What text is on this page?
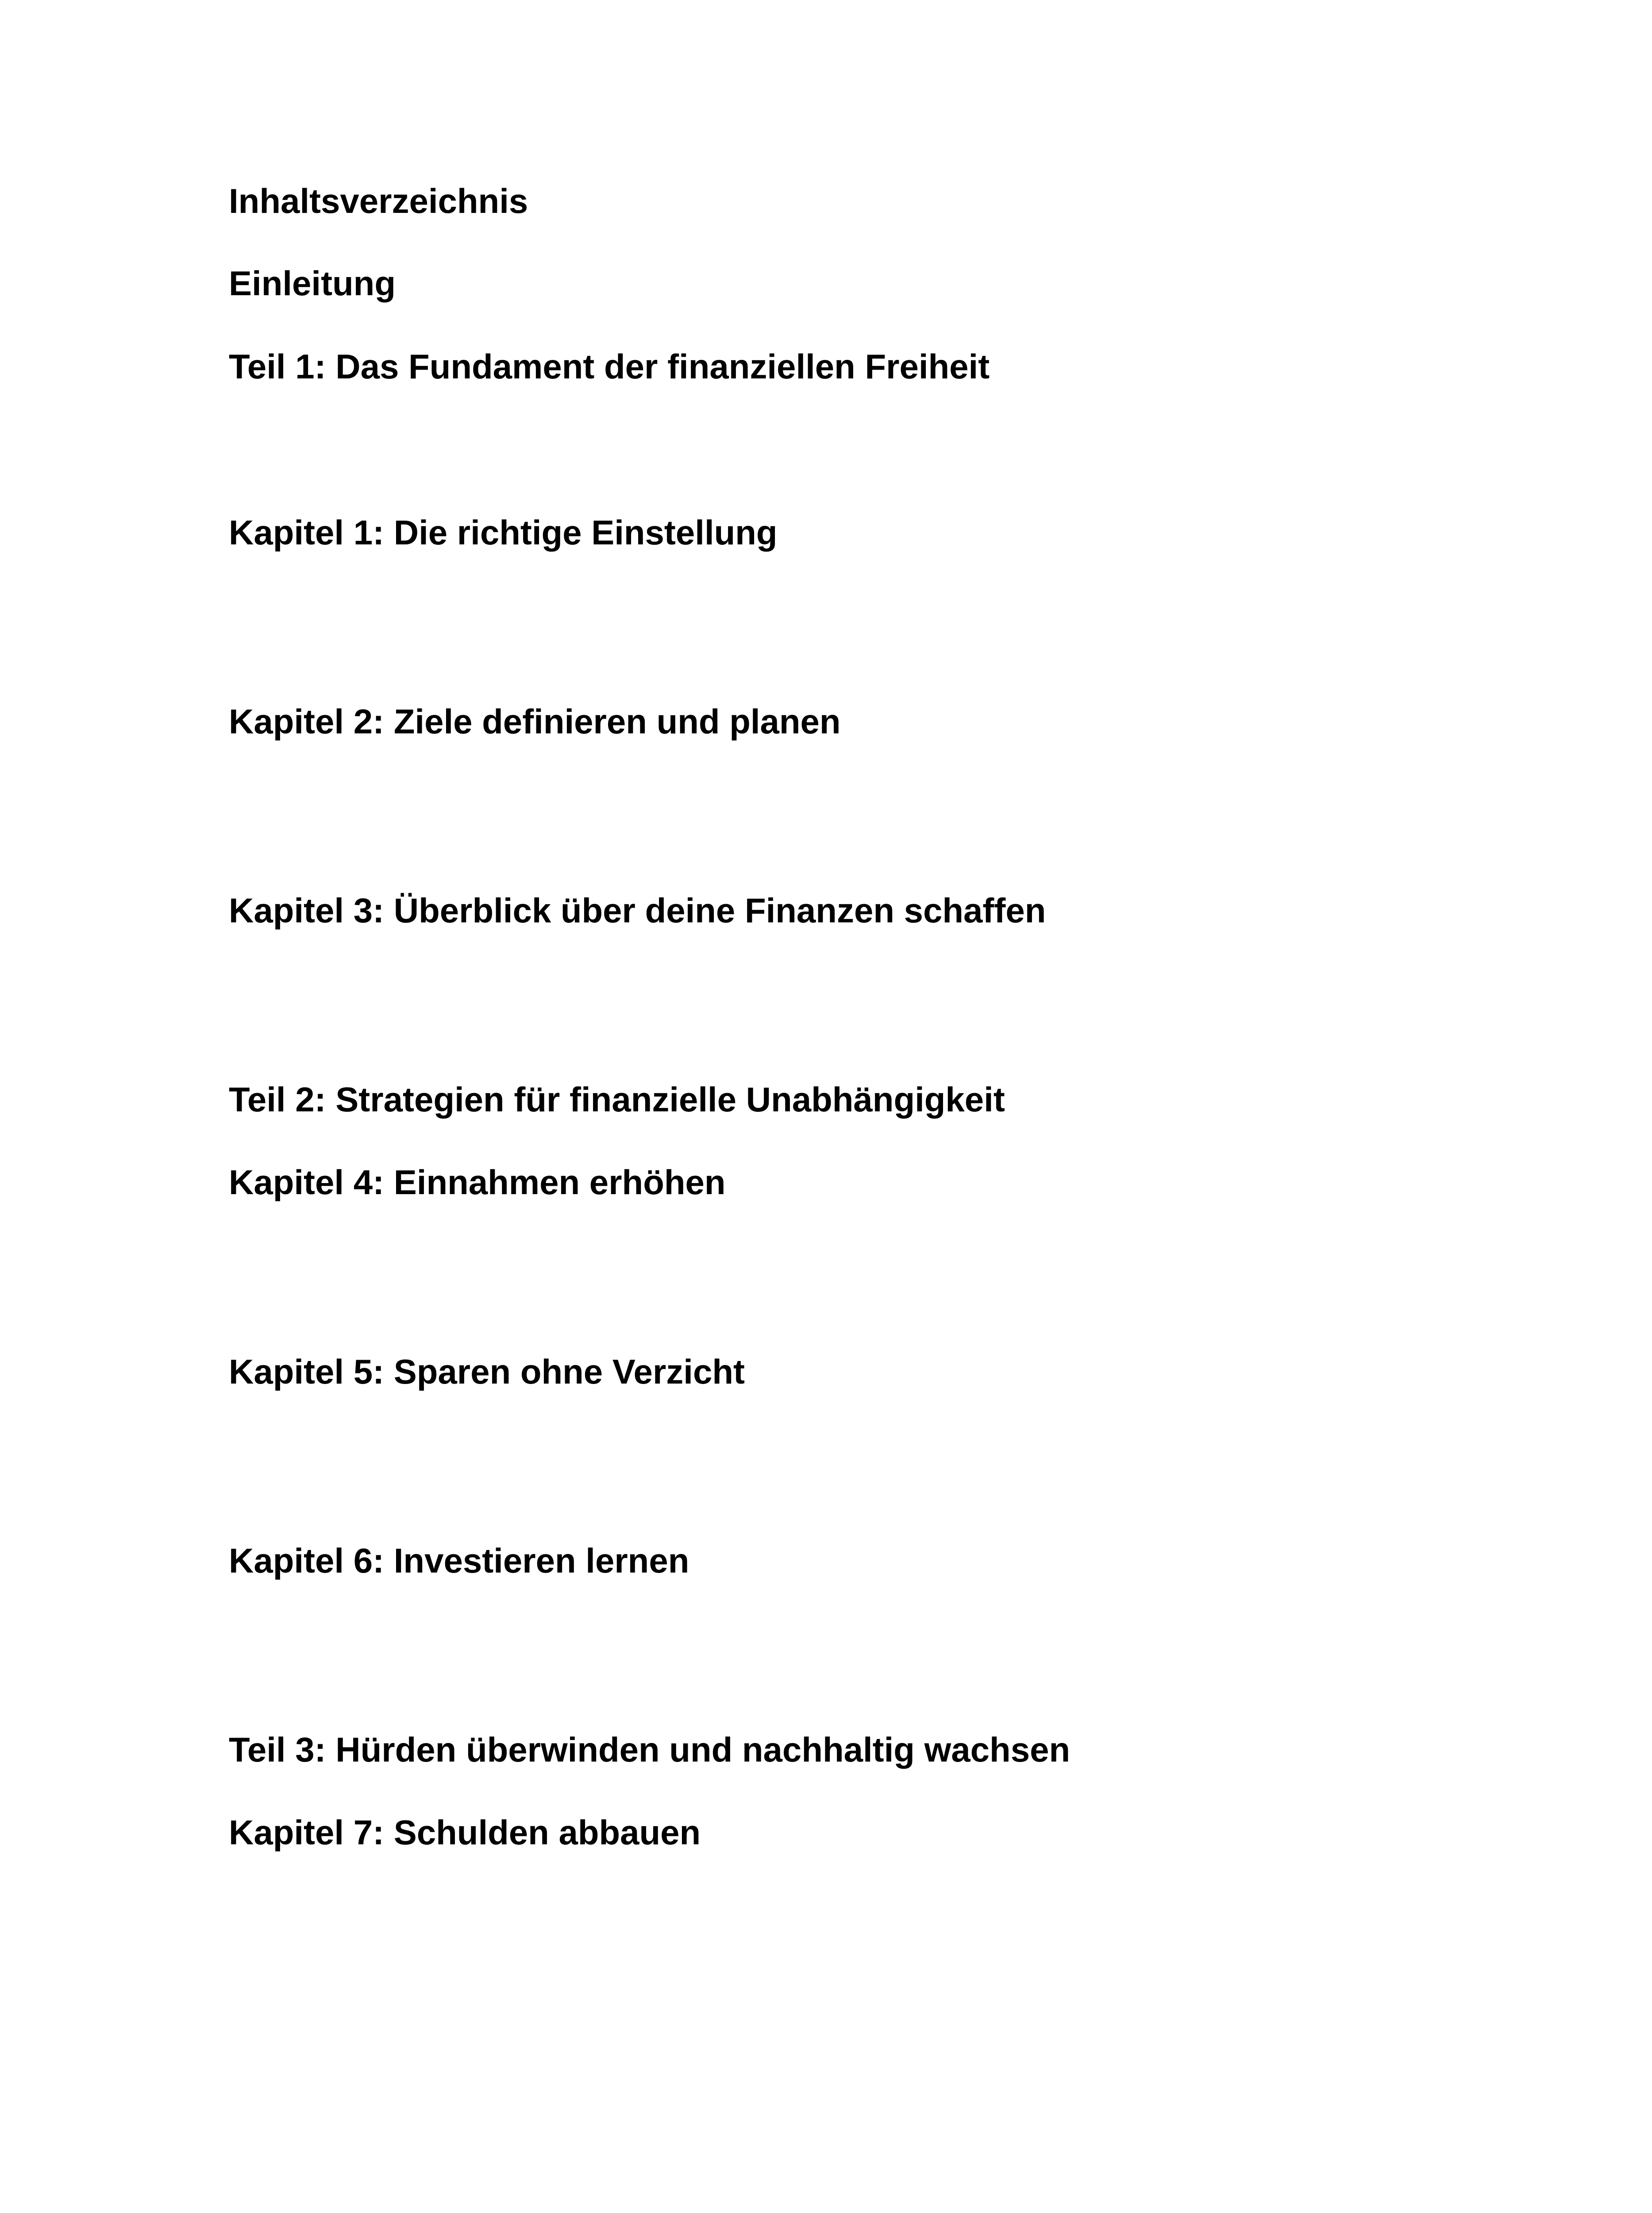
Inhaltsverzeichnis

Einleitung

Teil 1: Das Fundament der finanziellen Freiheit

Kapitel 1: Die richtige Einstellung

Kapitel 2: Ziele definieren und planen

Kapitel 3: Überblick über deine Finanzen schaffen

Teil 2: Strategien für finanzielle Unabhängigkeit

Kapitel 4: Einnahmen erhöhen

Kapitel 5: Sparen ohne Verzicht

Kapitel 6: Investieren lernen

Teil 3: Hürden überwinden und nachhaltig wachsen

Kapitel 7: Schulden abbauen
